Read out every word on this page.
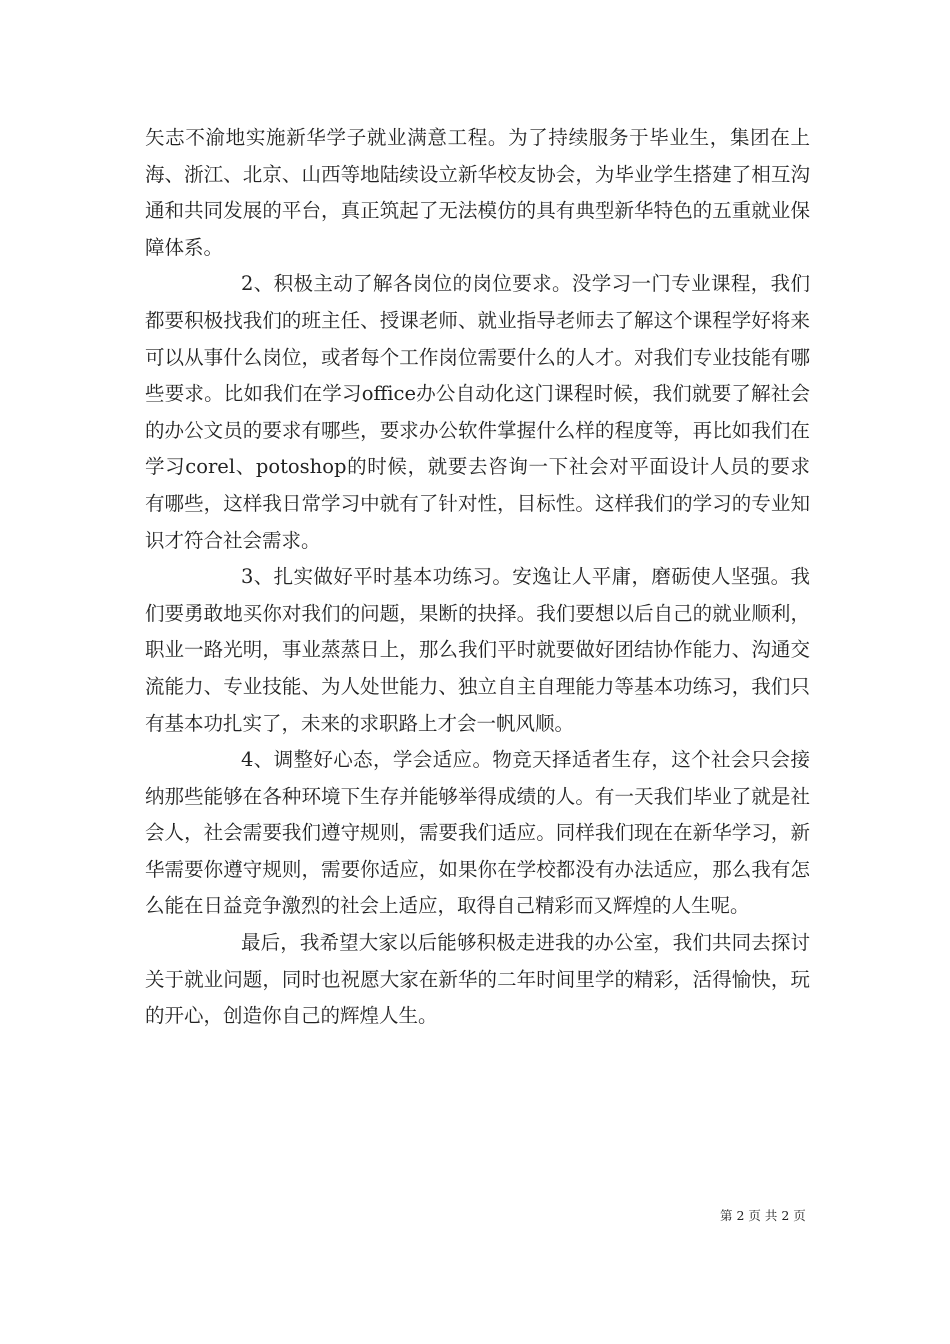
矢志不渝地实施新华学子就业满意工程。为了持续服务于毕业生，集团在上海、浙江、北京、山西等地陆续设立新华校友协会，为毕业学生搭建了相互沟通和共同发展的平台，真正筑起了无法模仿的具有典型新华特色的五重就业保障体系。

2、积极主动了解各岗位的岗位要求。没学习一门专业课程，我们都要积极找我们的班主任、授课老师、就业指导老师去了解这个课程学好将来可以从事什么岗位，或者每个工作岗位需要什么的人才。对我们专业技能有哪些要求。比如我们在学习office办公自动化这门课程时候，我们就要了解社会的办公文员的要求有哪些，要求办公软件掌握什么样的程度等，再比如我们在学习corel、potoshop的时候，就要去咨询一下社会对平面设计人员的要求有哪些，这样我日常学习中就有了针对性，目标性。这样我们的学习的专业知识才符合社会需求。

3、扎实做好平时基本功练习。安逸让人平庸，磨砺使人坚强。我们要勇敢地买你对我们的问题，果断的抉择。我们要想以后自己的就业顺利，职业一路光明，事业蒸蒸日上，那么我们平时就要做好团结协作能力、沟通交流能力、专业技能、为人处世能力、独立自主自理能力等基本功练习，我们只有基本功扎实了，未来的求职路上才会一帆风顺。

4、调整好心态，学会适应。物竞天择适者生存，这个社会只会接纳那些能够在各种环境下生存并能够举得成绩的人。有一天我们毕业了就是社会人，社会需要我们遵守规则，需要我们适应。同样我们现在在新华学习，新华需要你遵守规则，需要你适应，如果你在学校都没有办法适应，那么我有怎么能在日益竞争激烈的社会上适应，取得自己精彩而又辉煌的人生呢。

最后，我希望大家以后能够积极走进我的办公室，我们共同去探讨关于就业问题，同时也祝愿大家在新华的二年时间里学的精彩，活得愉快，玩的开心，创造你自己的辉煌人生。

第 2 页 共 2 页
